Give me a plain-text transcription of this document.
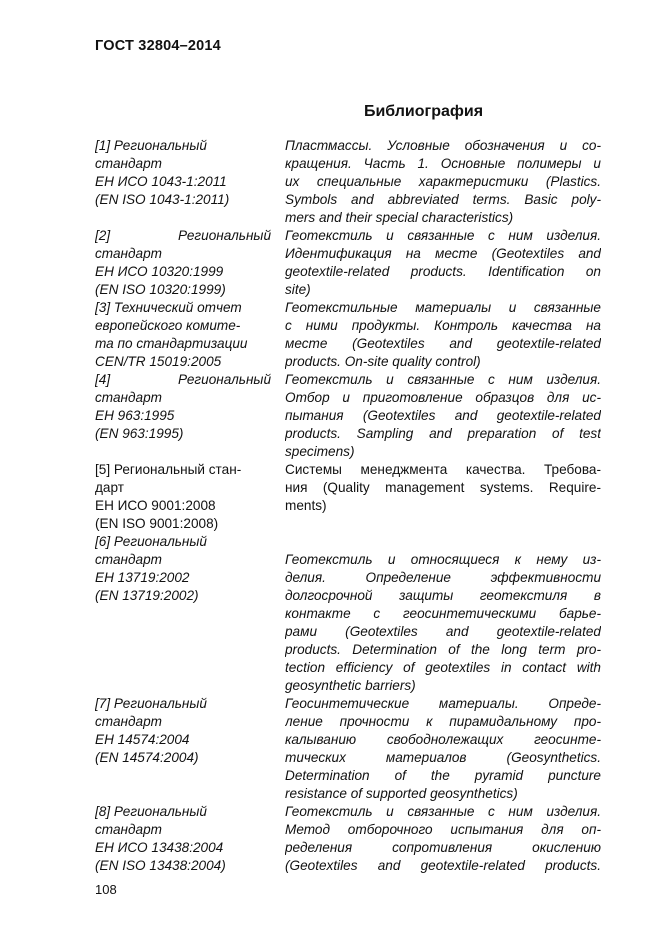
ГОСТ 32804–2014
Библиография
[1] Региональный
стандарт
ЕН ИСО 1043-1:2011
(EN ISO 1043-1:2011)
Пластмассы. Условные обозначения и со-
кращения. Часть 1. Основные полимеры и
их специальные характеристики (Plastics.
Symbols and abbreviated terms. Basic poly-
mers and their special characteristics)
[2] Региональный
стандарт
ЕН ИСО 10320:1999
(EN ISO 10320:1999)
Геотекстиль и связанные с ним изделия.
Идентификация на месте (Geotextiles and
geotextile-related products. Identification on
site)
[3] Технический отчет
европейского комите-
та по стандартизации
CEN/TR 15019:2005
Геотекстильные материалы и связанные
с ними продукты. Контроль качества на
месте (Geotextiles and geotextile-related
products. On-site quality control)
[4] Региональный
стандарт
ЕН 963:1995
(EN 963:1995)
Геотекстиль и связанные с ним изделия.
Отбор и приготовление образцов для ис-
пытания (Geotextiles and geotextile-related
products. Sampling and preparation of test
specimens)
[5] Региональный стан-
дарт
ЕН ИСО 9001:2008
(EN ISO 9001:2008)
Системы менеджмента качества. Требова-
ния (Quality management systems. Require-
ments)
[6] Региональный
стандарт
ЕН 13719:2002
(EN 13719:2002)
Геотекстиль и относящиеся к нему из-
делия. Определение эффективности
долгосрочной защиты геотекстиля в
контакте с геосинтетическими барье-
рами (Geotextiles and geotextile-related
products. Determination of the long term pro-
tection efficiency of geotextiles in contact with
geosynthetic barriers)
[7] Региональный
стандарт
ЕН 14574:2004
(EN 14574:2004)
Геосинтетические материалы. Опреде-
ление прочности к пирамидальному про-
калыванию свободнолежащих геосинте-
тических материалов (Geosynthetics.
Determination of the pyramid puncture
resistance of supported geosynthetics)
[8] Региональный
стандарт
ЕН ИСО 13438:2004
(EN ISO 13438:2004)
Геотекстиль и связанные с ним изделия.
Метод отборочного испытания для оп-
ределения сопротивления окислению
(Geotextiles and geotextile-related products.
108
